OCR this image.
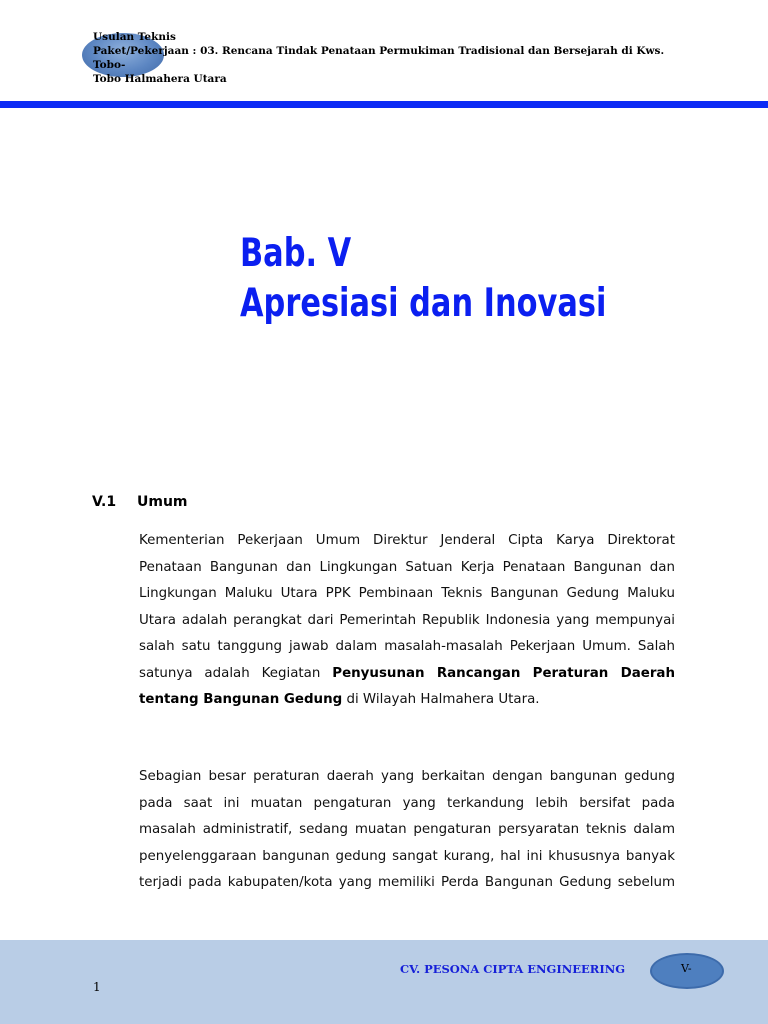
Usulan Teknis
Paket/Pekerjaan : 03. Rencana Tindak Penataan Permukiman Tradisional dan Bersejarah di Kws. Tobo-
Tobo Halmahera Utara
Bab. V
Apresiasi dan Inovasi
V.1 Umum
Kementerian Pekerjaan Umum Direktur Jenderal Cipta Karya Direktorat
Penataan Bangunan dan Lingkungan Satuan Kerja Penataan Bangunan dan
Lingkungan Maluku Utara PPK Pembinaan Teknis Bangunan Gedung Maluku
Utara adalah perangkat dari Pemerintah Republik Indonesia yang mempunyai
salah satu tanggung jawab dalam masalah-masalah Pekerjaan Umum. Salah
satunya adalah Kegiatan Penyusunan Rancangan Peraturan Daerah
tentang Bangunan Gedung di Wilayah Halmahera Utara.
Sebagian besar peraturan daerah yang berkaitan dengan bangunan gedung
pada saat ini muatan pengaturan yang terkandung lebih bersifat pada
masalah administratif, sedang muatan pengaturan persyaratan teknis dalam
penyelenggaraan bangunan gedung sangat kurang, hal ini khususnya banyak
terjadi pada kabupaten/kota yang memiliki Perda Bangunan Gedung sebelum
CV. PESONA CIPTA ENGINEERING	V-
1
